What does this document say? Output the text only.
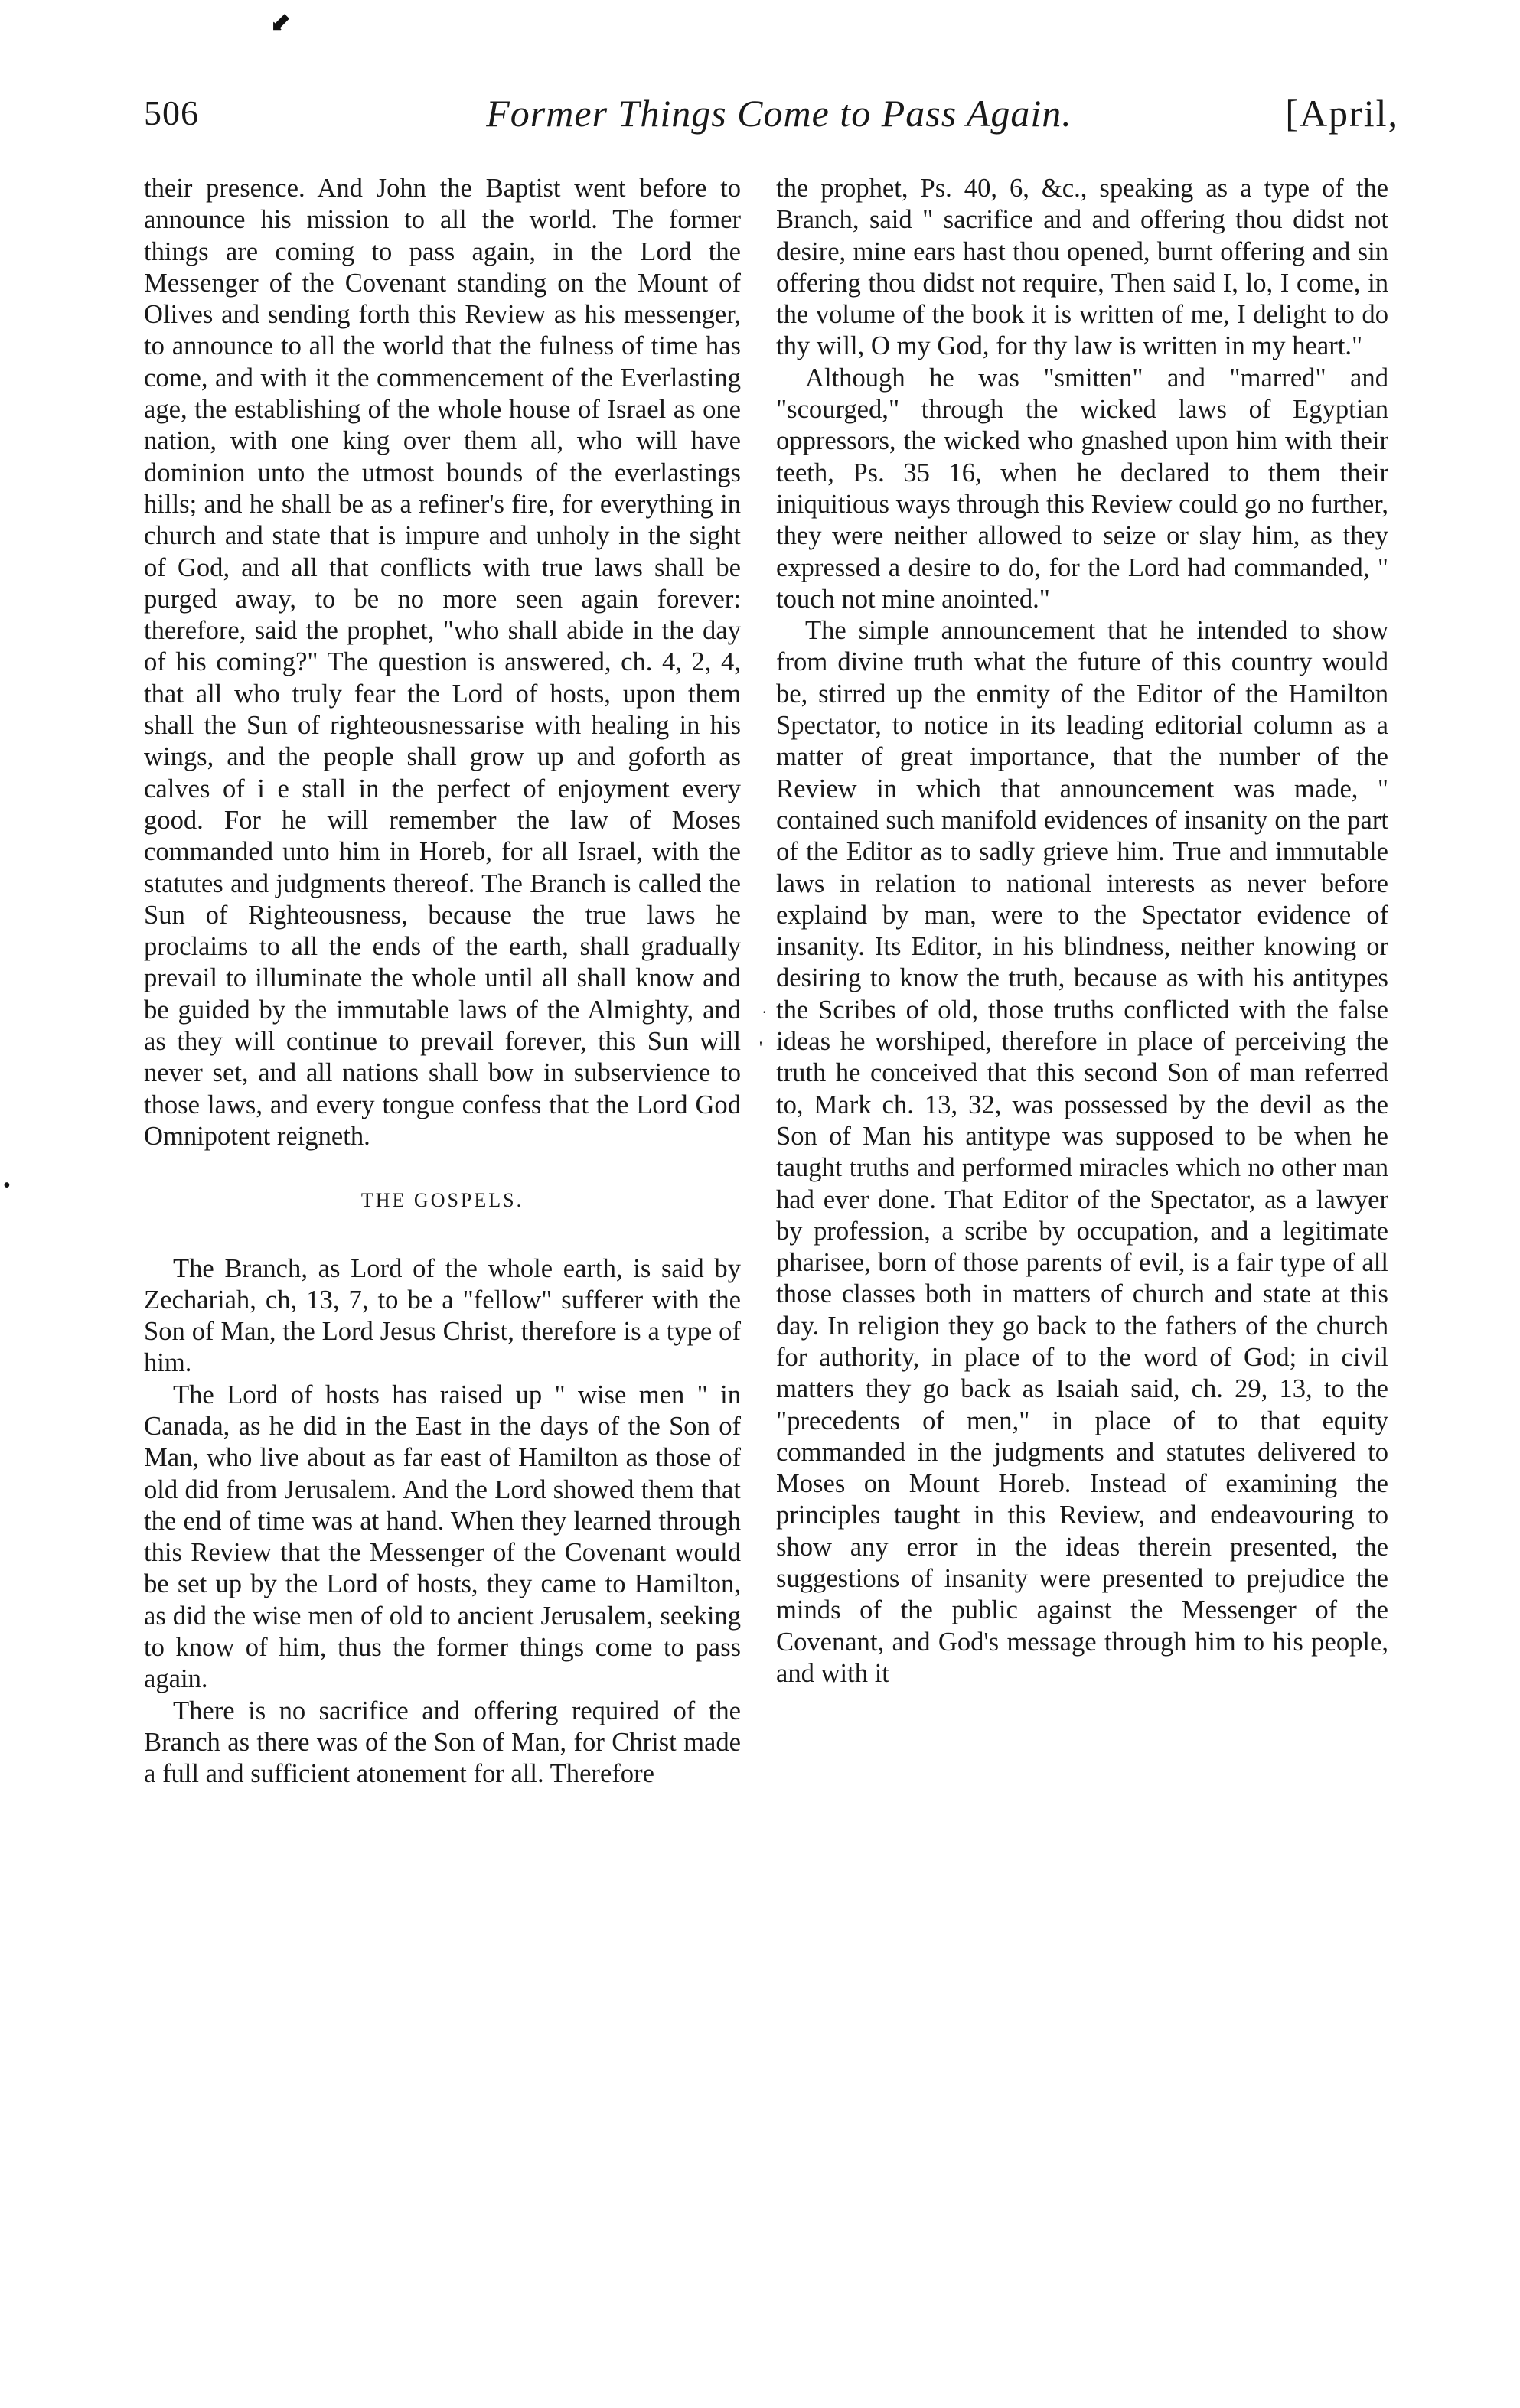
⬋
•
.
'
506	Former Things Come to Pass Again.	[April,

their presence. And John the Baptist went before to announce his mission to all the world. The former things are coming to pass again, in the Lord the Messenger of the Covenant standing on the Mount of Olives and sending forth this Review as his messenger, to announce to all the world that the fulness of time has come, and with it the commencement of the Everlasting age, the establishing of the whole house of Israel as one nation, with one king over them all, who will have dominion unto the utmost bounds of the everlastings hills; and he shall be as a refiner's fire, for everything in church and state that is impure and unholy in the sight of God, and all that conflicts with true laws shall be purged away, to be no more seen again forever: therefore, said the prophet, "who shall abide in the day of his coming?" The question is answered, ch. 4, 2, 4, that all who truly fear the Lord of hosts, upon them shall the Sun of righteousnessarise with healing in his wings, and the people shall grow up and goforth as calves of i e stall in the perfect of enjoyment every good. For he will remember the law of Moses commanded unto him in Horeb, for all Israel, with the statutes and judgments thereof. The Branch is called the Sun of Righteousness, because the true laws he proclaims to all the ends of the earth, shall gradually prevail to illuminate the whole until all shall know and be guided by the immutable laws of the Almighty, and as they will continue to prevail forever, this Sun will never set, and all nations shall bow in subservience to those laws, and every tongue confess that the Lord God Omnipotent reigneth.

THE GOSPELS.

The Branch, as Lord of the whole earth, is said by Zechariah, ch, 13, 7, to be a "fellow" sufferer with the Son of Man, the Lord Jesus Christ, therefore is a type of him.

The Lord of hosts has raised up " wise men " in Canada, as he did in the East in the days of the Son of Man, who live about as far east of Hamilton as those of old did from Jerusalem. And the Lord showed them that the end of time was at hand. When they learned through this Review that the Messenger of the Covenant would be set up by the Lord of hosts, they came to Hamilton, as did the wise men of old to ancient Jerusalem, seeking to know of him, thus the former things come to pass again.

There is no sacrifice and offering required of the Branch as there was of the Son of Man, for Christ made a full and sufficient atonement for all. Therefore

the prophet, Ps. 40, 6, &c., speaking as a type of the Branch, said " sacrifice and and offering thou didst not desire, mine ears hast thou opened, burnt offering and sin offering thou didst not require, Then said I, lo, I come, in the volume of the book it is written of me, I delight to do thy will, O my God, for thy law is written in my heart."

Although he was "smitten" and "marred" and "scourged," through the wicked laws of Egyptian oppressors, the wicked who gnashed upon him with their teeth, Ps. 35 16, when he declared to them their iniquitious ways through this Review could go no further, they were neither allowed to seize or slay him, as they expressed a desire to do, for the Lord had commanded, " touch not mine anointed."

The simple announcement that he intended to show from divine truth what the future of this country would be, stirred up the enmity of the Editor of the Hamilton Spectator, to notice in its leading editorial column as a matter of great importance, that the number of the Review in which that announcement was made, " contained such manifold evidences of insanity on the part of the Editor as to sadly grieve him. True and immutable laws in relation to national interests as never before explaind by man, were to the Spectator evidence of insanity. Its Editor, in his blindness, neither knowing or desiring to know the truth, because as with his antitypes the Scribes of old, those truths conflicted with the false ideas he worshiped, therefore in place of perceiving the truth he conceived that this second Son of man referred to, Mark ch. 13, 32, was possessed by the devil as the Son of Man his antitype was supposed to be when he taught truths and performed miracles which no other man had ever done. That Editor of the Spectator, as a lawyer by profession, a scribe by occupation, and a legitimate pharisee, born of those parents of evil, is a fair type of all those classes both in matters of church and state at this day. In religion they go back to the fathers of the church for authority, in place of to the word of God; in civil matters they go back as Isaiah said, ch. 29, 13, to the "precedents of men," in place of to that equity commanded in the judgments and statutes delivered to Moses on Mount Horeb. Instead of examining the principles taught in this Review, and endeavouring to show any error in the ideas therein presented, the suggestions of insanity were presented to prejudice the minds of the public against the Messenger of the Covenant, and God's message through him to his people, and with it
